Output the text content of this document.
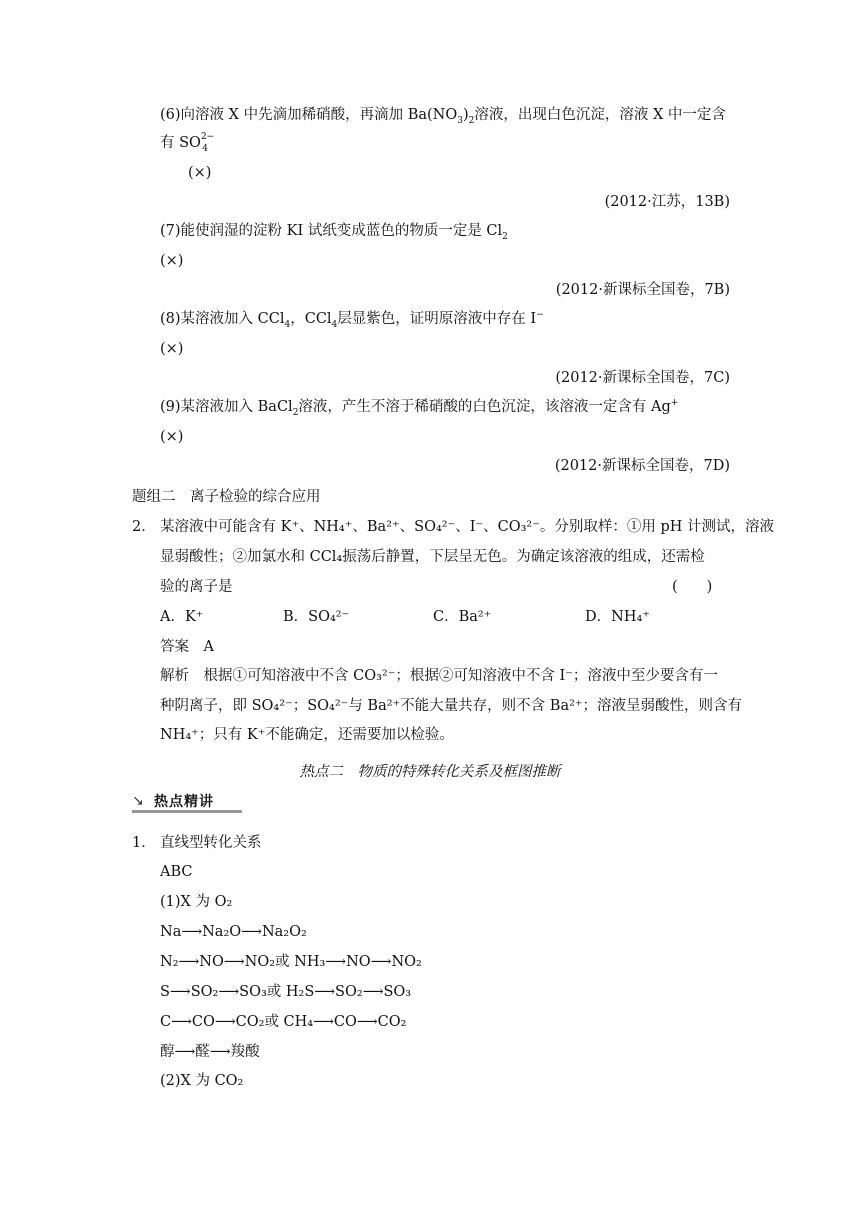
(6)向溶液 X 中先滴加稀硝酸，再滴加 $Ba(NO_3)_2$溶液，出现白色沉淀，溶液 X 中一定含
有 $SO^{2-}_4$
(×)
(2012·江苏，13B)
(7)能使润湿的淀粉 KI 试纸变成蓝色的物质一定是 $Cl_2$
(×)
(2012·新课标全国卷，7B)
(8)某溶液加入 CCl$_4$，CCl$_4$层显紫色，证明原溶液中存在 I−
(×)
(2012·新课标全国卷，7C)
(9)某溶液加入 BaCl$_2$溶液，产生不溶于稀硝酸的白色沉淀，该溶液一定含有 Ag+
(×)
(2012·新课标全国卷，7D)
题组二　离子检验的综合应用
2． 某溶液中可能含有 K⁺、NH₄⁺、Ba²⁺、SO₄²⁻、I⁻、CO₃²⁻。分别取样：①用 pH 计测试，溶液
显弱酸性；②加氯水和 CCl₄振荡后静置，下层呈无色。为确定该溶液的组成，还需检
验的离子是	(　　)
A．K⁺	B．SO₄²⁻	C．Ba²⁺	D．NH₄⁺
答案　A
解析　根据①可知溶液中不含 CO₃²⁻；根据②可知溶液中不含 I⁻；溶液中至少要含有一
种阴离子，即 SO₄²⁻；SO₄²⁻与 Ba²⁺不能大量共存，则不含 Ba²⁺；溶液呈弱酸性，则含有
NH₄⁺；只有 K⁺不能确定，还需要加以检验。
热点二　物质的特殊转化关系及框图推断
↘ 热点精讲
1． 直线型转化关系
ABC
(1)X 为 O₂
Na⟶Na₂O⟶Na₂O₂
N₂⟶NO⟶NO₂或 NH₃⟶NO⟶NO₂
S⟶SO₂⟶SO₃或 H₂S⟶SO₂⟶SO₃
C⟶CO⟶CO₂或 CH₄⟶CO⟶CO₂
醇⟶醛⟶羧酸
(2)X 为 CO₂
